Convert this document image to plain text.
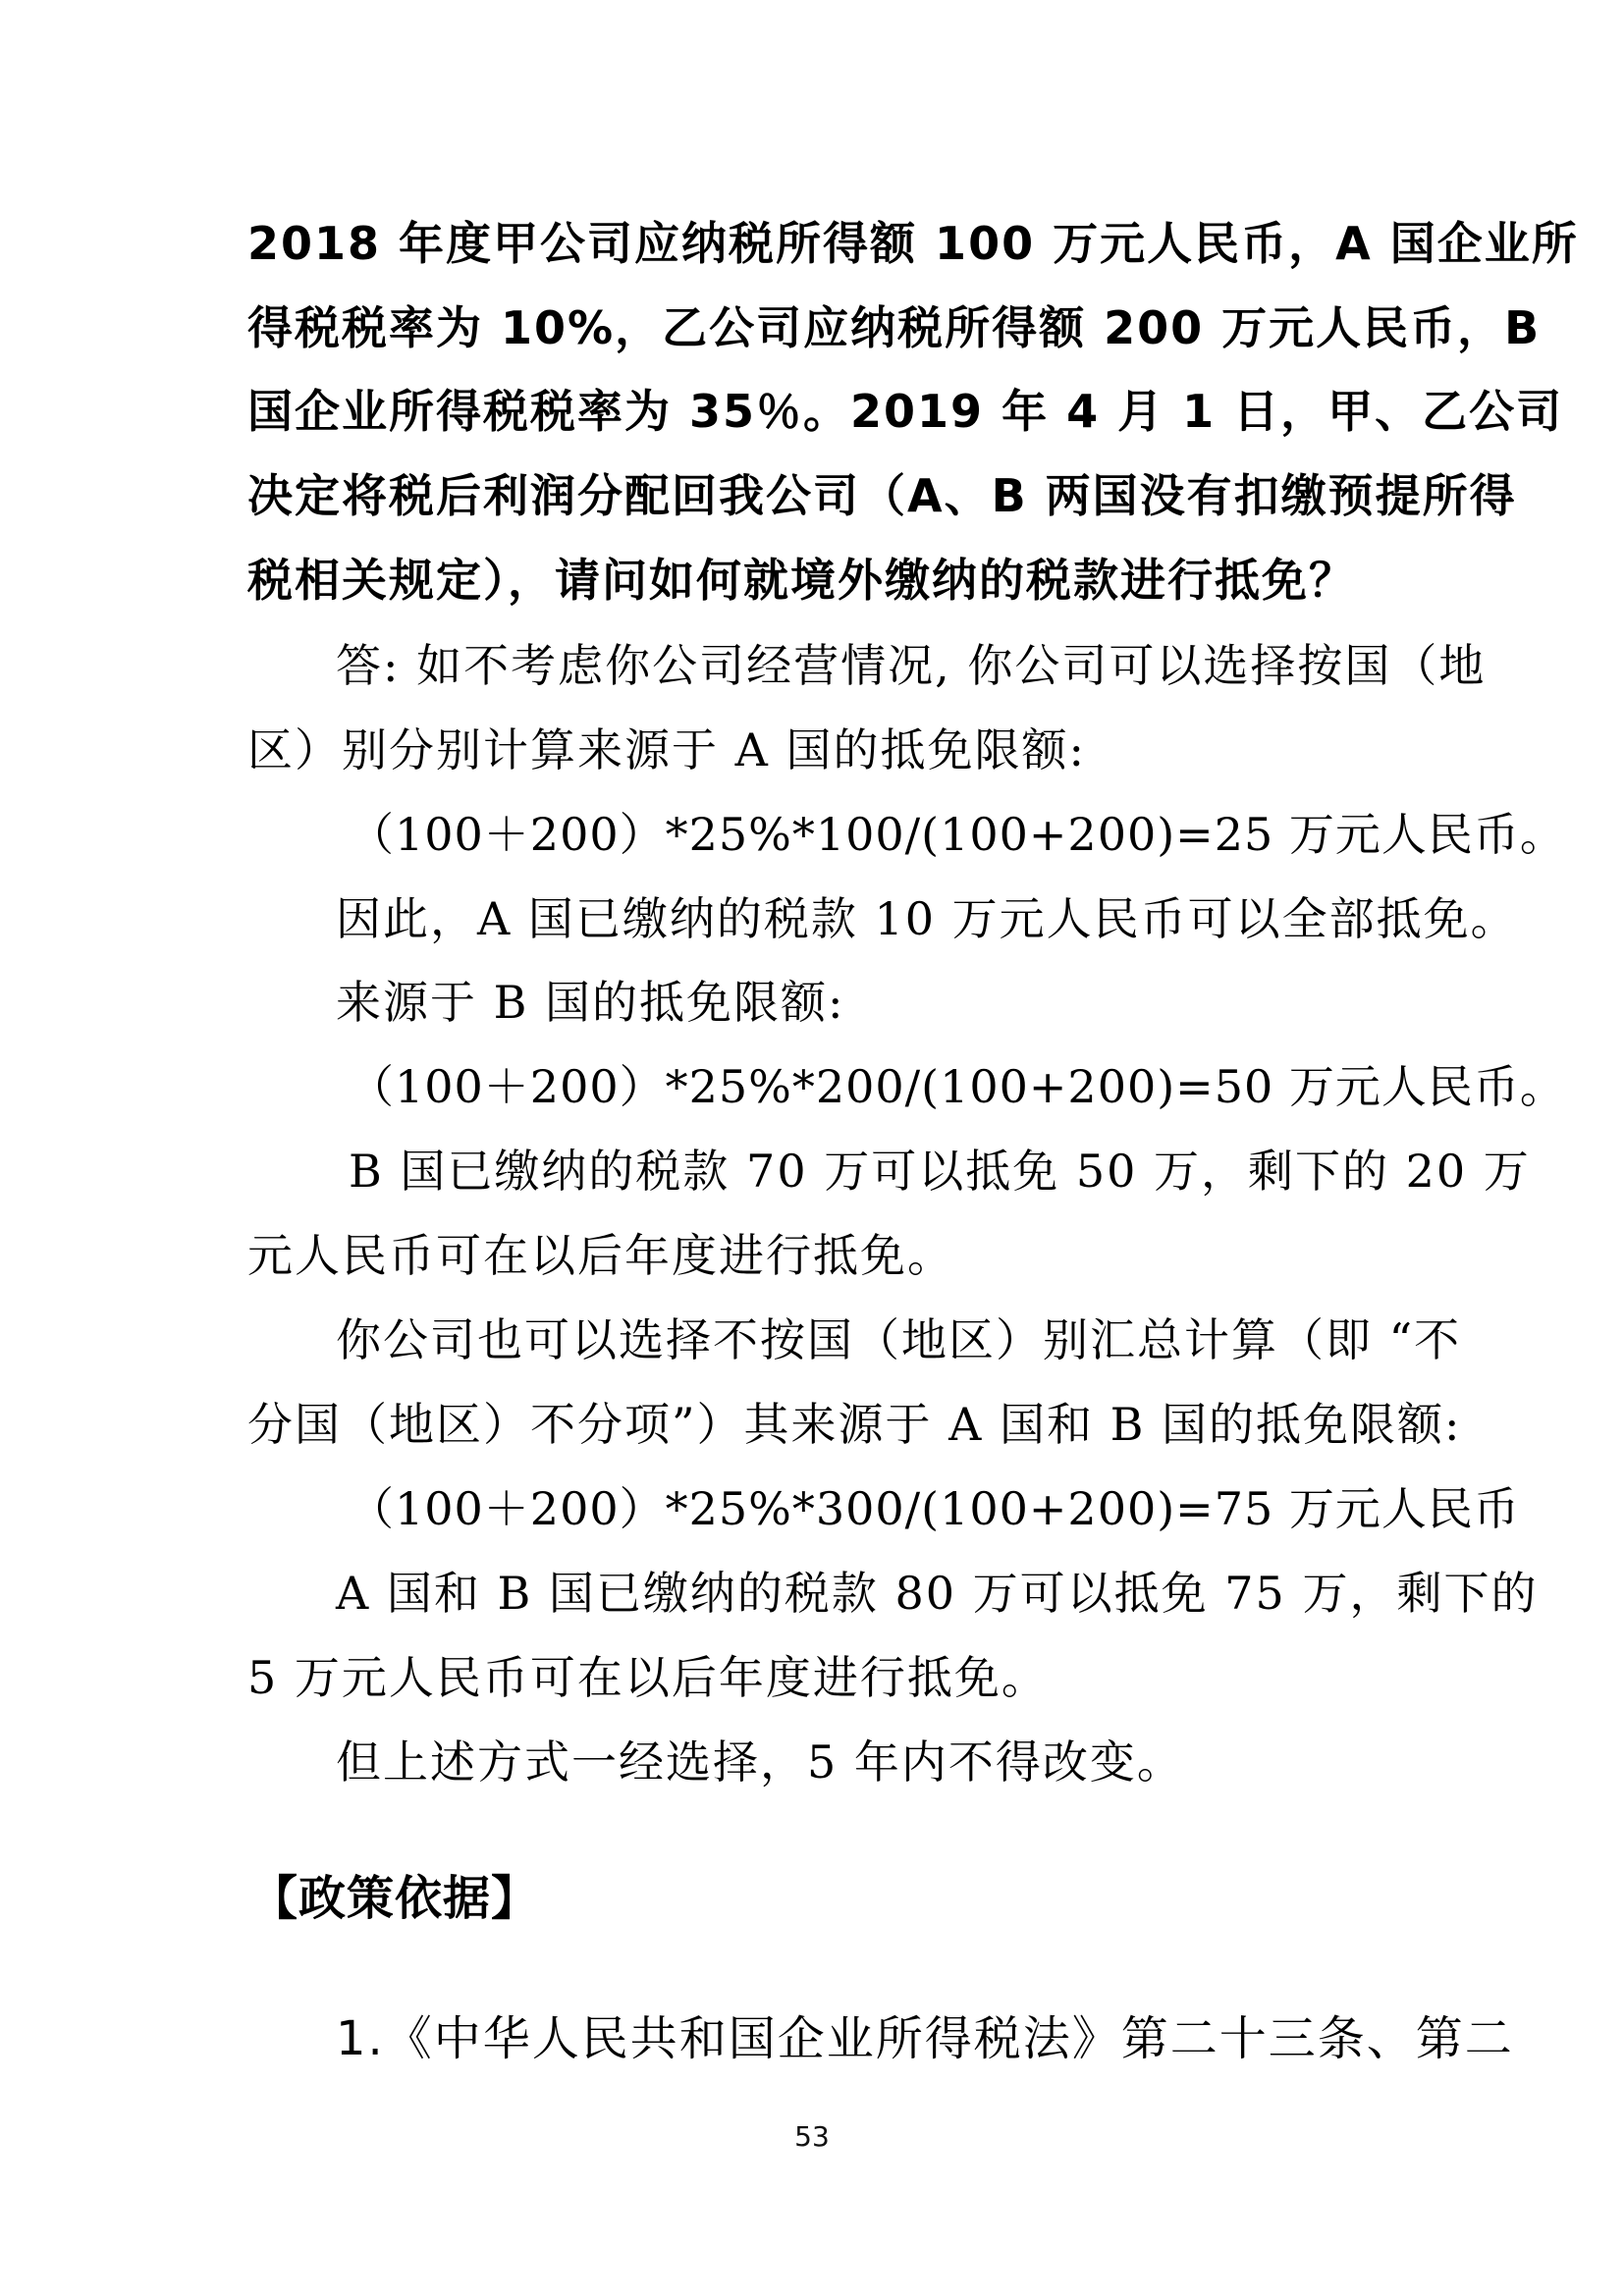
2018 年度甲公司应纳税所得额 100 万元人民币，A 国企业所
得税税率为 10%，乙公司应纳税所得额 200 万元人民币，B
国企业所得税税率为 35％。2019 年 4 月 1 日，甲、乙公司
决定将税后利润分配回我公司（A、B 两国没有扣缴预提所得
税相关规定），请问如何就境外缴纳的税款进行抵免？
答: 如不考虑你公司经营情况, 你公司可以选择按国（地
区）别分别计算来源于 A 国的抵免限额:
（100＋200）*25%*100/(100+200)=25 万元人民币。
因此，A 国已缴纳的税款 10 万元人民币可以全部抵免。
来源于 B 国的抵免限额:
（100＋200）*25%*200/(100+200)=50 万元人民币。
B 国已缴纳的税款 70 万可以抵免 50 万，剩下的 20 万
元人民币可在以后年度进行抵免。
你公司也可以选择不按国（地区）别汇总计算（即 “不
分国（地区）不分项”）其来源于 A 国和 B 国的抵免限额:
（100＋200）*25%*300/(100+200)=75 万元人民币
A 国和 B 国已缴纳的税款 80 万可以抵免 75 万，剩下的
5 万元人民币可在以后年度进行抵免。
但上述方式一经选择，5 年内不得改变。
【政策依据】
1.《中华人民共和国企业所得税法》第二十三条、第二
53
